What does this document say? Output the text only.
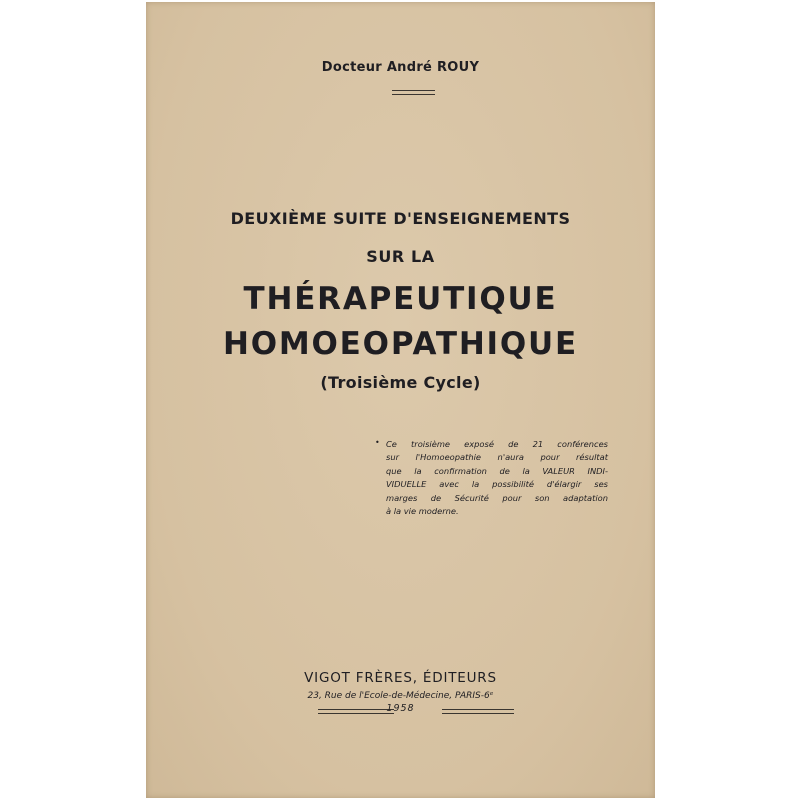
Docteur André ROUY
DEUXIÈME SUITE D'ENSEIGNEMENTS
SUR LA
THÉRAPEUTIQUE
HOMOEOPATHIQUE
(Troisième Cycle)
• Ce troisième exposé de 21 conférences
sur l'Homoeopathie n'aura pour résultat
que la confirmation de la VALEUR INDI-
VIDUELLE avec la possibilité d'élargir ses
marges de Sécurité pour son adaptation
à la vie moderne.

VIGOT FRÈRES, ÉDITEURS
23, Rue de l'Ecole-de-Médecine, PARIS-6ᵉ
1958
